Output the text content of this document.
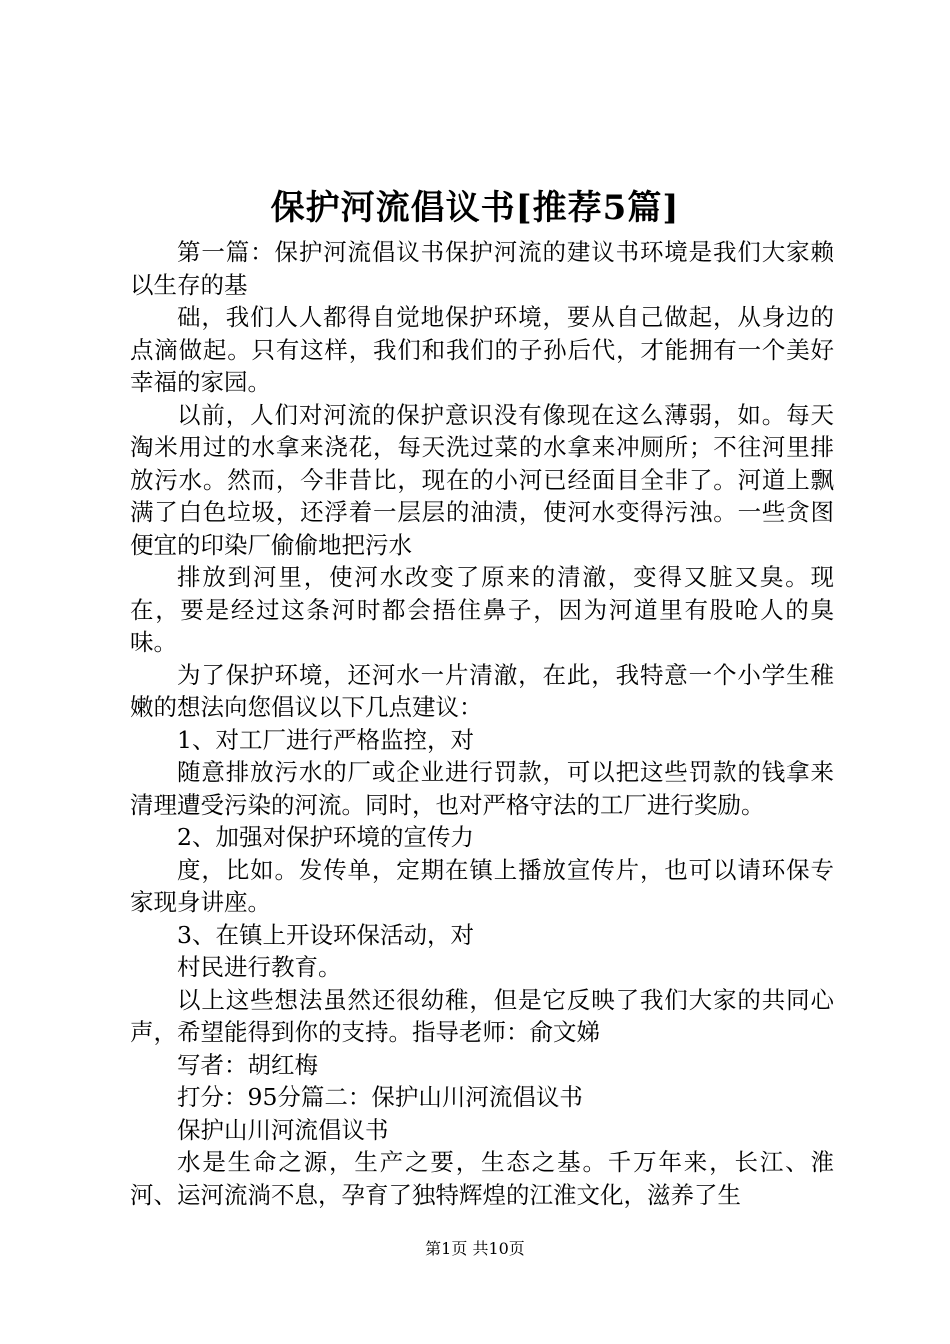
保护河流倡议书[推荐5篇]

第一篇：保护河流倡议书保护河流的建议书环境是我们大家赖以生存的基

础，我们人人都得自觉地保护环境，要从自己做起，从身边的点滴做起。只有这样，我们和我们的子孙后代，才能拥有一个美好幸福的家园。

以前，人们对河流的保护意识没有像现在这么薄弱，如。每天淘米用过的水拿来浇花，每天洗过菜的水拿来冲厕所；不往河里排放污水。然而，今非昔比，现在的小河已经面目全非了。河道上飘满了白色垃圾，还浮着一层层的油渍，使河水变得污浊。一些贪图便宜的印染厂偷偷地把污水

排放到河里，使河水改变了原来的清澈，变得又脏又臭。现在，要是经过这条河时都会捂住鼻子，因为河道里有股呛人的臭味。

为了保护环境，还河水一片清澈，在此，我特意一个小学生稚嫩的想法向您倡议以下几点建议：

1、对工厂进行严格监控，对

随意排放污水的厂或企业进行罚款，可以把这些罚款的钱拿来清理遭受污染的河流。同时，也对严格守法的工厂进行奖励。

2、加强对保护环境的宣传力

度，比如。发传单，定期在镇上播放宣传片，也可以请环保专家现身讲座。

3、在镇上开设环保活动，对

村民进行教育。

以上这些想法虽然还很幼稚，但是它反映了我们大家的共同心声，希望能得到你的支持。指导老师：俞文娣

写者：胡红梅

打分：95分篇二：保护山川河流倡议书

保护山川河流倡议书

水是生命之源，生产之要，生态之基。千万年来，长江、淮河、运河流淌不息，孕育了独特辉煌的江淮文化，滋养了生

第1页 共10页
